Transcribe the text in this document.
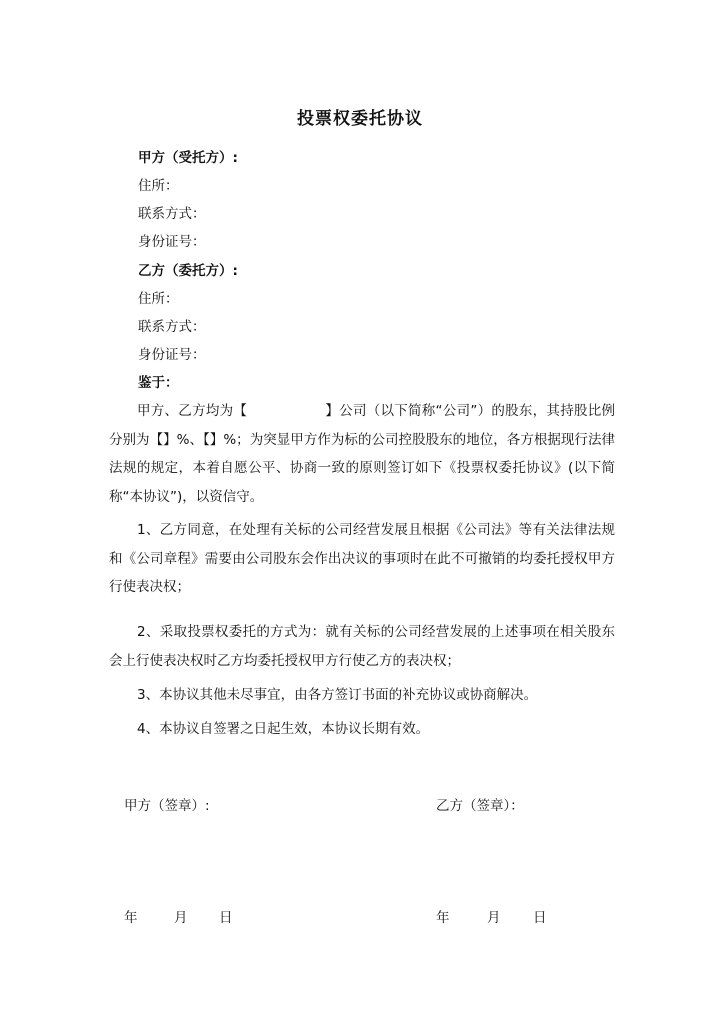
投票权委托协议
甲方（受托方）:
住所：
联系方式：
身份证号：
乙方（委托方）:
住所：
联系方式：
身份证号：
鉴于：
甲方、乙方均为【	】公司（以下简称“公司”）的股东，其持股比例分别为【】%、【】%；为突显甲方作为标的公司控股股东的地位，各方根据现行法律法规的规定，本着自愿公平、协商一致的原则签订如下《投票权委托协议》(以下简称“本协议”)，以资信守。
1、乙方同意，在处理有关标的公司经营发展且根据《公司法》等有关法律法规和《公司章程》需要由公司股东会作出决议的事项时在此不可撤销的均委托授权甲方行使表决权；
2、采取投票权委托的方式为：就有关标的公司经营发展的上述事项在相关股东会上行使表决权时乙方均委托授权甲方行使乙方的表决权；
3、本协议其他未尽事宜，由各方签订书面的补充协议或协商解决。
4、本协议自签署之日起生效，本协议长期有效。
甲方（签章）:	乙方（签章）：
年	月 日	年	月 日
